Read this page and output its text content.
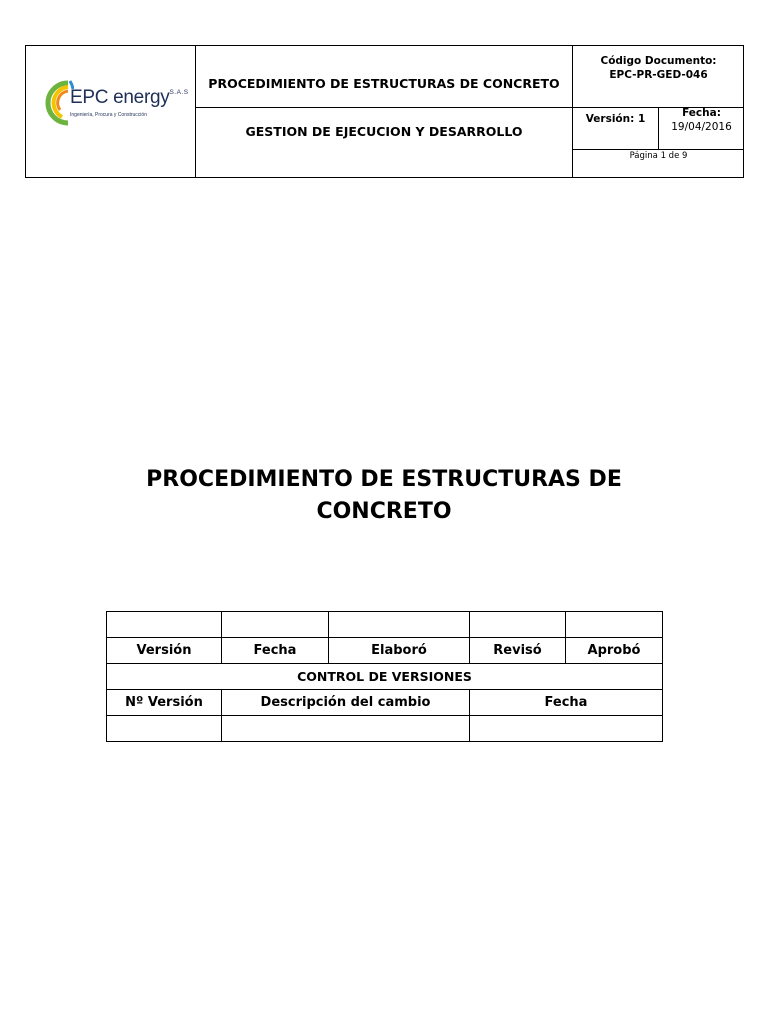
EPC energy$^{S.A.S}$
Ingeniería, Procura y Construcción
PROCEDIMIENTO DE ESTRUCTURAS DE CONCRETO
GESTION DE EJECUCION Y DESARROLLO
Código Documento:
EPC-PR-GED-046
Versión: 1	Fecha:
19/04/2016
Página 1 de 9
PROCEDIMIENTO DE ESTRUCTURAS DE
CONCRETO

Versión	Fecha	Elaboró	Revisó	Aprobó
CONTROL DE VERSIONES				
Nº Versión	Descripción del cambio		Fecha	
